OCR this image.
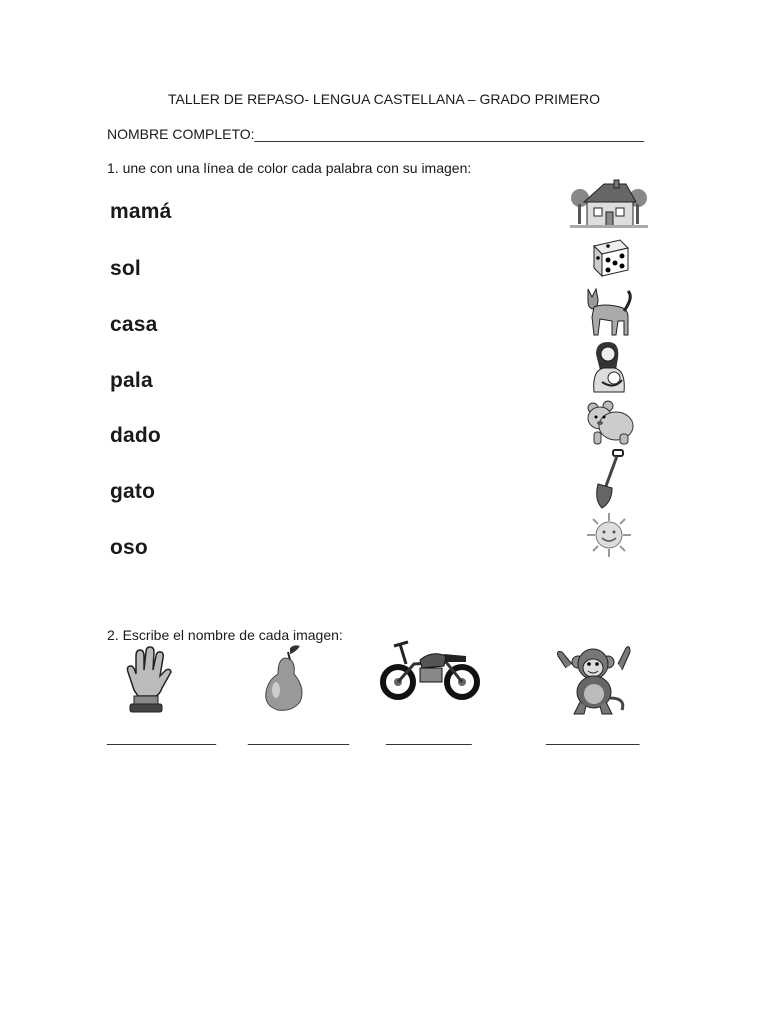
TALLER DE REPASO- LENGUA CASTELLANA – GRADO PRIMERO
NOMBRE COMPLETO:__________________________________________________
1. une con una línea de color cada palabra con su imagen:
mamá
sol
casa
pala
dado
gato
oso
2. Escribe el nombre de cada imagen:
______________ _____________	___________	____________
